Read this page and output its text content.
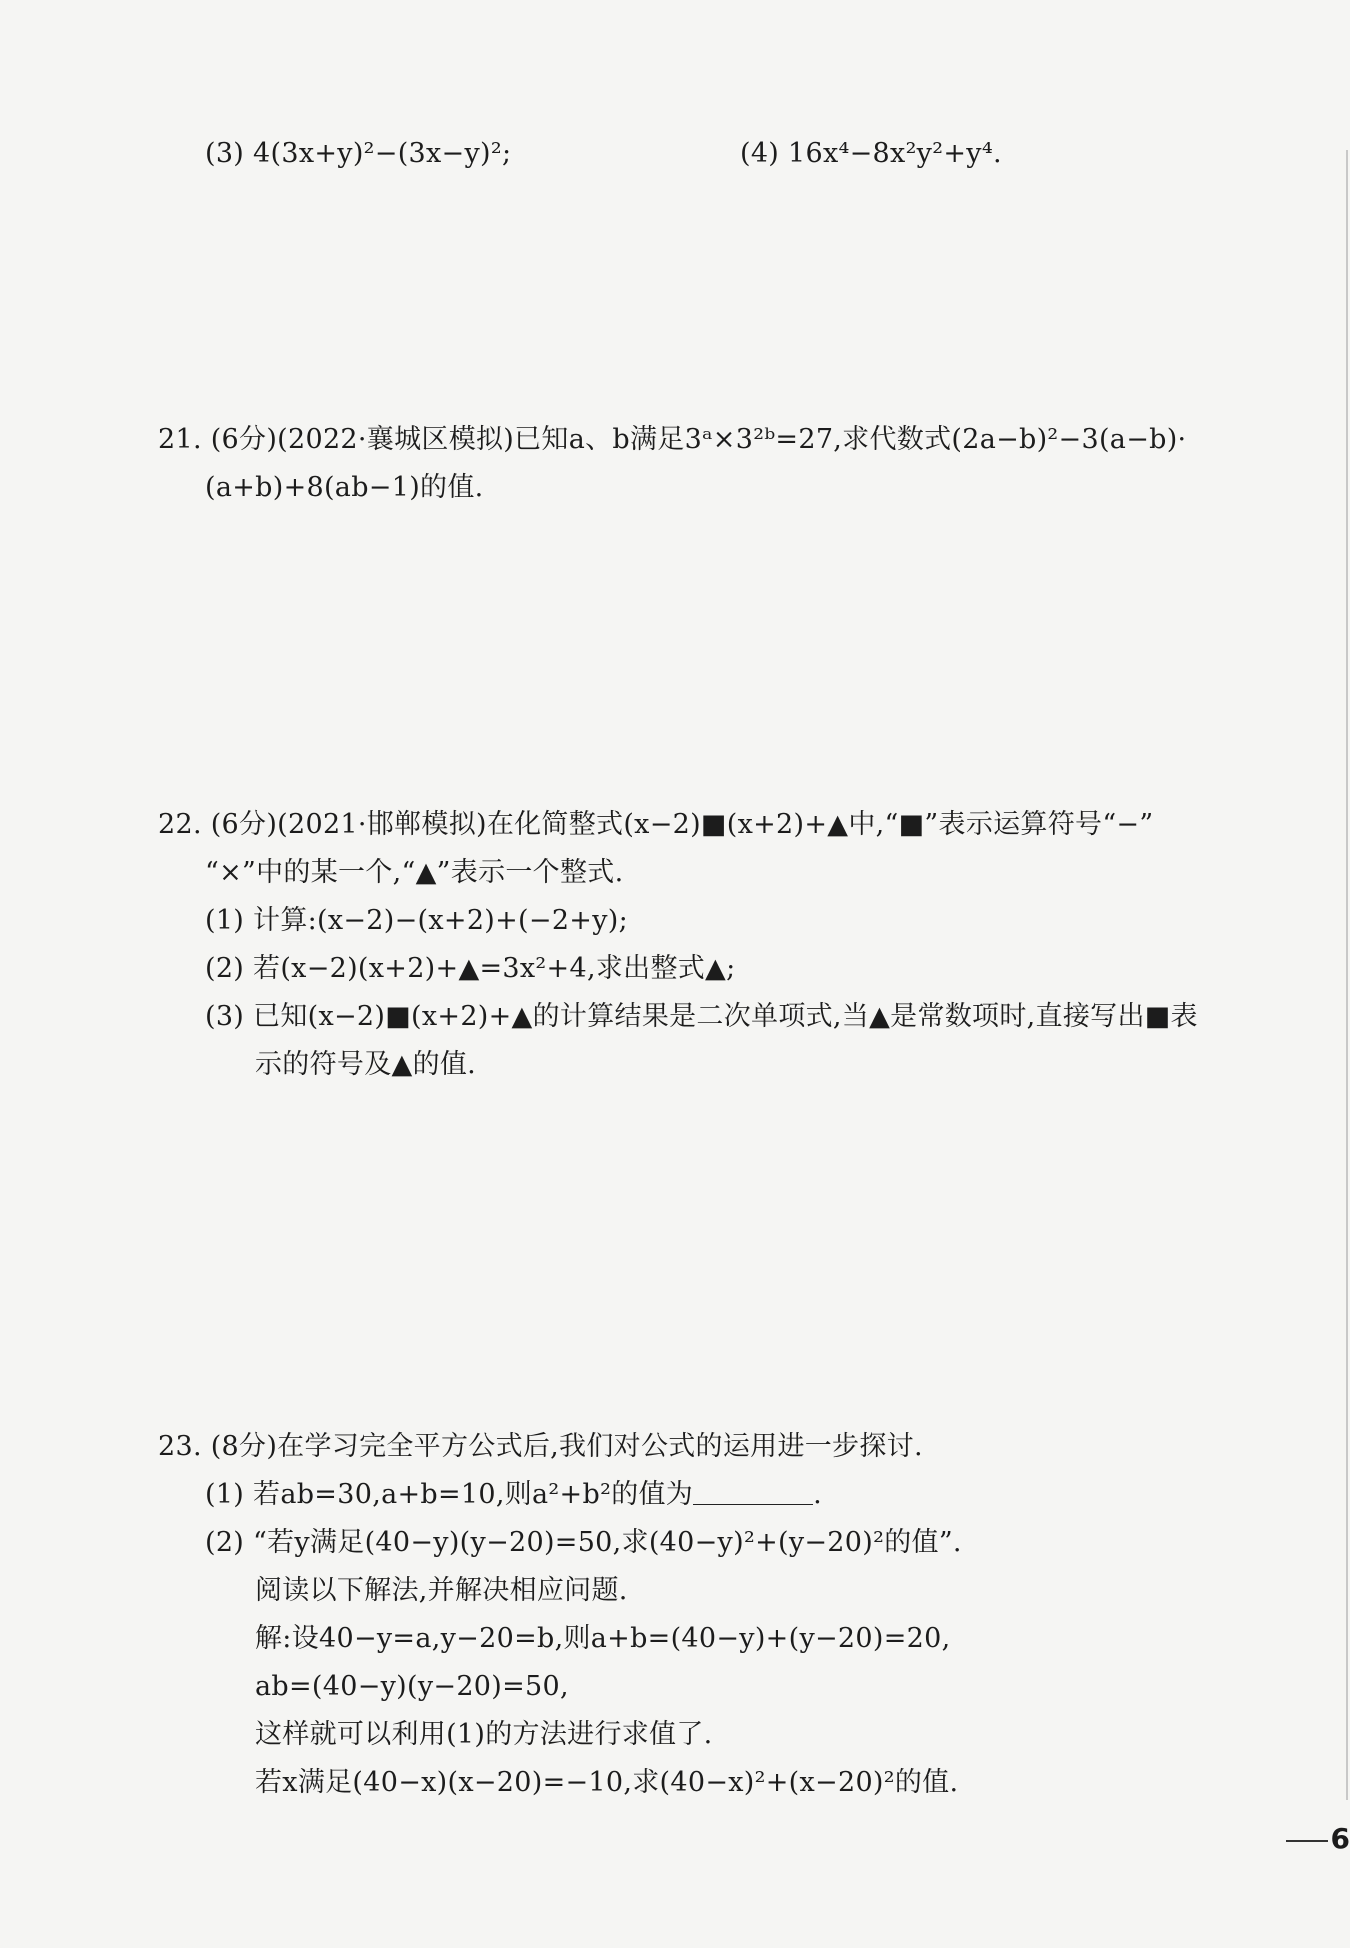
(3) 4(3x+y)²−(3x−y)²;	(4) 16x⁴−8x²y²+y⁴.
21. (6分)(2022·襄城区模拟)已知a、b满足3ᵃ×3²ᵇ=27,求代数式(2a−b)²−3(a−b)·
(a+b)+8(ab−1)的值.
22. (6分)(2021·邯郸模拟)在化简整式(x−2)■(x+2)+▲中,“■”表示运算符号“−”
“×”中的某一个,“▲”表示一个整式.
(1) 计算:(x−2)−(x+2)+(−2+y);
(2) 若(x−2)(x+2)+▲=3x²+4,求出整式▲;
(3) 已知(x−2)■(x+2)+▲的计算结果是二次单项式,当▲是常数项时,直接写出■表
示的符号及▲的值.
23. (8分)在学习完全平方公式后,我们对公式的运用进一步探讨.
(1) 若ab=30,a+b=10,则a²+b²的值为	.
(2) “若y满足(40−y)(y−20)=50,求(40−y)²+(y−20)²的值”.
阅读以下解法,并解决相应问题.
解:设40−y=a,y−20=b,则a+b=(40−y)+(y−20)=20,
ab=(40−y)(y−20)=50,
这样就可以利用(1)的方法进行求值了.
若x满足(40−x)(x−20)=−10,求(40−x)²+(x−20)²的值.
6
